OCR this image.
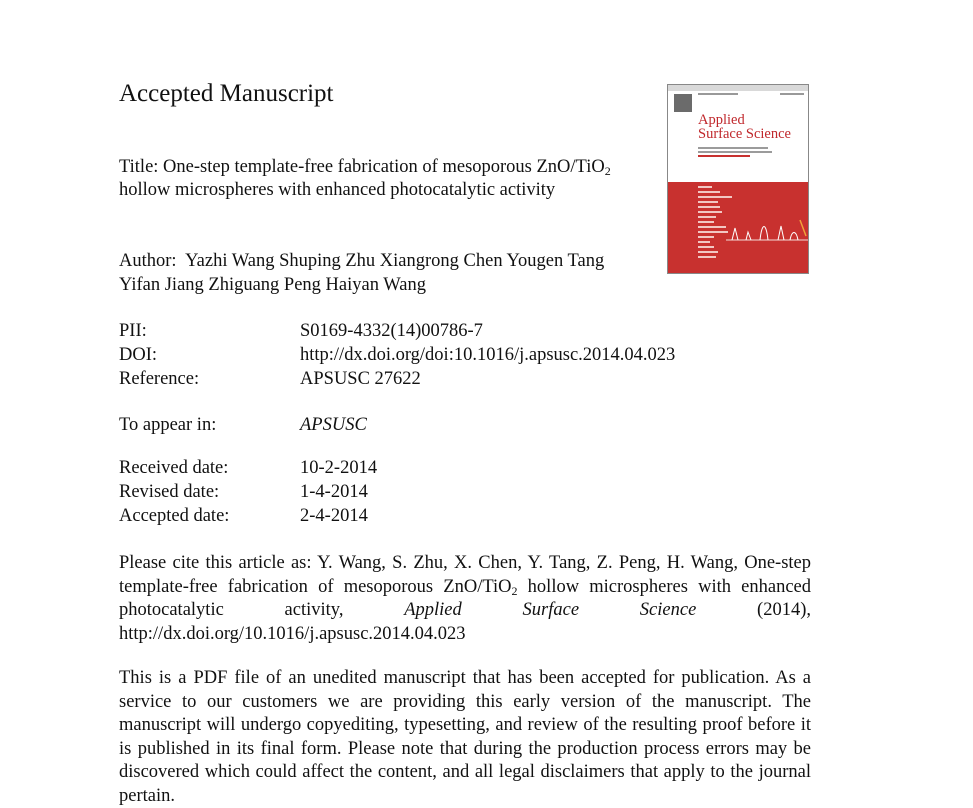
Accepted Manuscript
Title: One-step template-free fabrication of mesoporous ZnO/TiO$_2$ hollow microspheres with enhanced photocatalytic activity
Author: Yazhi Wang Shuping Zhu Xiangrong Chen Yougen Tang Yifan Jiang Zhiguang Peng Haiyan Wang
PII:	S0169-4332(14)00786-7
DOI:	http://dx.doi.org/doi:10.1016/j.apsusc.2014.04.023
Reference:	APSUSC 27622
To appear in:	APSUSC
Received date:	10-2-2014
Revised date:	1-4-2014
Accepted date:	2-4-2014
Please cite this article as: Y. Wang, S. Zhu, X. Chen, Y. Tang, Z. Peng, H. Wang, One-step template-free fabrication of mesoporous ZnO/TiO$_2$ hollow microspheres with enhanced photocatalytic activity, Applied Surface Science (2014), http://dx.doi.org/10.1016/j.apsusc.2014.04.023
This is a PDF file of an unedited manuscript that has been accepted for publication. As a service to our customers we are providing this early version of the manuscript. The manuscript will undergo copyediting, typesetting, and review of the resulting proof before it is published in its final form. Please note that during the production process errors may be discovered which could affect the content, and all legal disclaimers that apply to the journal pertain.
Applied
Surface Science
